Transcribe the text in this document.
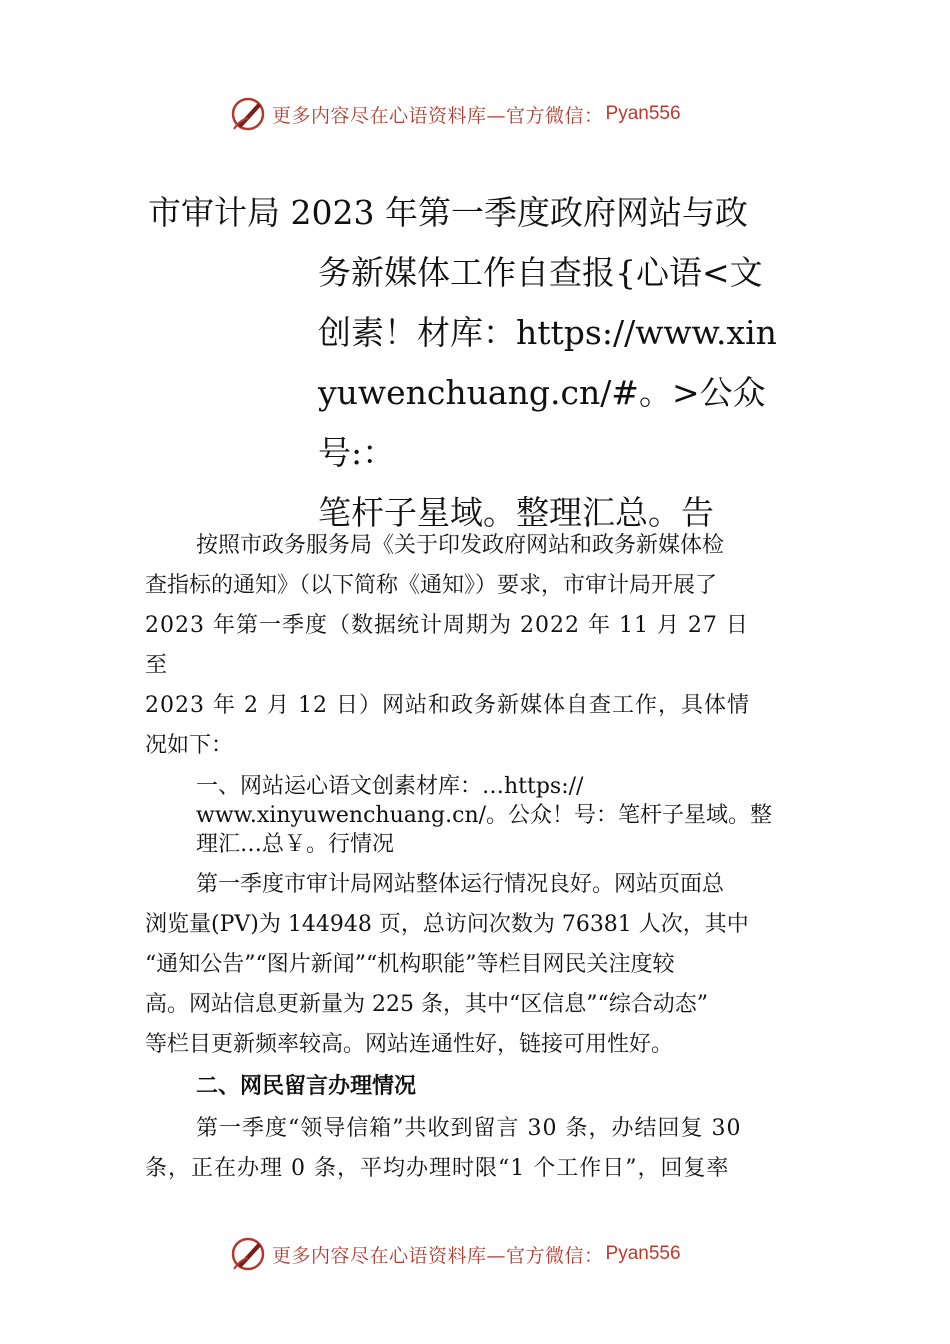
更多内容尽在心语资料库—官方微信： Pyan556
市审计局 2023 年第一季度政府网站与政
务新媒体工作自查报{心语<文
创素！材库：https://www.xin
yuwenchuang.cn/#。>公众号:：
笔杆子星域。整理汇总。告

按照市政务服务局《关于印发政府网站和政务新媒体检

查指标的通知》（以下简称《通知》）要求，市审计局开展了

2023 年第一季度（数据统计周期为 2022 年 11 月 27 日

至

2023 年 2 月 12 日）网站和政务新媒体自查工作，具体情

况如下：

一、网站运心语文创素材库：…https://
www.xinyuwenchuang.cn/。公众！号：笔杆子星域。整
理汇…总￥。行情况

第一季度市审计局网站整体运行情况良好。网站页面总

浏览量(PV)为 144948 页，总访问次数为 76381 人次，其中

“通知公告”“图片新闻”“机构职能”等栏目网民关注度较

高。网站信息更新量为 225 条，其中“区信息”“综合动态”

等栏目更新频率较高。网站连通性好，链接可用性好。

二、网民留言办理情况

第一季度“领导信箱”共收到留言 30 条，办结回复 30

条，正在办理 0 条，平均办理时限“1 个工作日”，回复率

更多内容尽在心语资料库—官方微信： Pyan556
